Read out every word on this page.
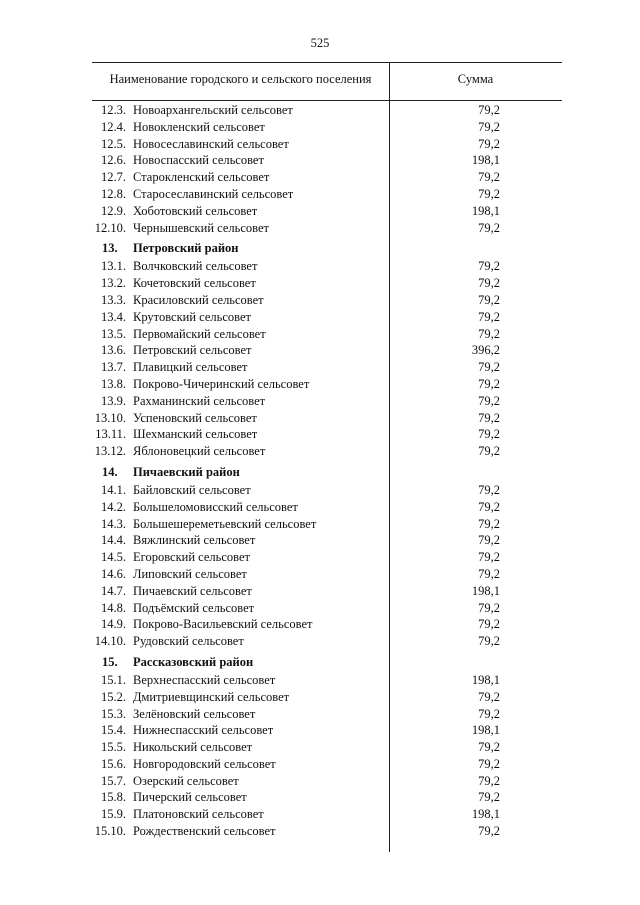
525
Наименование городского и сельского поселения	Сумма
12.3. Новоархангельский сельсовет	79,2
12.4. Новокленский сельсовет	79,2
12.5. Новосеславинский сельсовет	79,2
12.6. Новоспасский сельсовет	198,1
12.7. Старокленский сельсовет	79,2
12.8. Старосеславинский сельсовет	79,2
12.9. Хоботовский сельсовет	198,1
12.10. Чернышевский сельсовет	79,2
13. Петровский район
13.1. Волчковский сельсовет	79,2
13.2. Кочетовский сельсовет	79,2
13.3. Красиловский сельсовет	79,2
13.4. Крутовский сельсовет	79,2
13.5. Первомайский сельсовет	79,2
13.6. Петровский сельсовет	396,2
13.7. Плавицкий сельсовет	79,2
13.8. Покрово-Чичеринский сельсовет	79,2
13.9. Рахманинский сельсовет	79,2
13.10. Успеновский сельсовет	79,2
13.11. Шехманский сельсовет	79,2
13.12. Яблоновецкий сельсовет	79,2
14. Пичаевский район
14.1. Байловский сельсовет	79,2
14.2. Большеломовисский сельсовет	79,2
14.3. Большешереметьевский сельсовет	79,2
14.4. Вяжлинский сельсовет	79,2
14.5. Егоровский сельсовет	79,2
14.6. Липовский сельсовет	79,2
14.7. Пичаевский сельсовет	198,1
14.8. Подъёмский сельсовет	79,2
14.9. Покрово-Васильевский сельсовет	79,2
14.10. Рудовский сельсовет	79,2
15. Рассказовский район
15.1. Верхнеспасский сельсовет	198,1
15.2. Дмитриевщинский сельсовет	79,2
15.3. Зелёновский сельсовет	79,2
15.4. Нижнеспасский сельсовет	198,1
15.5. Никольский сельсовет	79,2
15.6. Новгородовский сельсовет	79,2
15.7. Озерский сельсовет	79,2
15.8. Пичерский сельсовет	79,2
15.9. Платоновский сельсовет	198,1
15.10. Рождественский сельсовет	79,2
